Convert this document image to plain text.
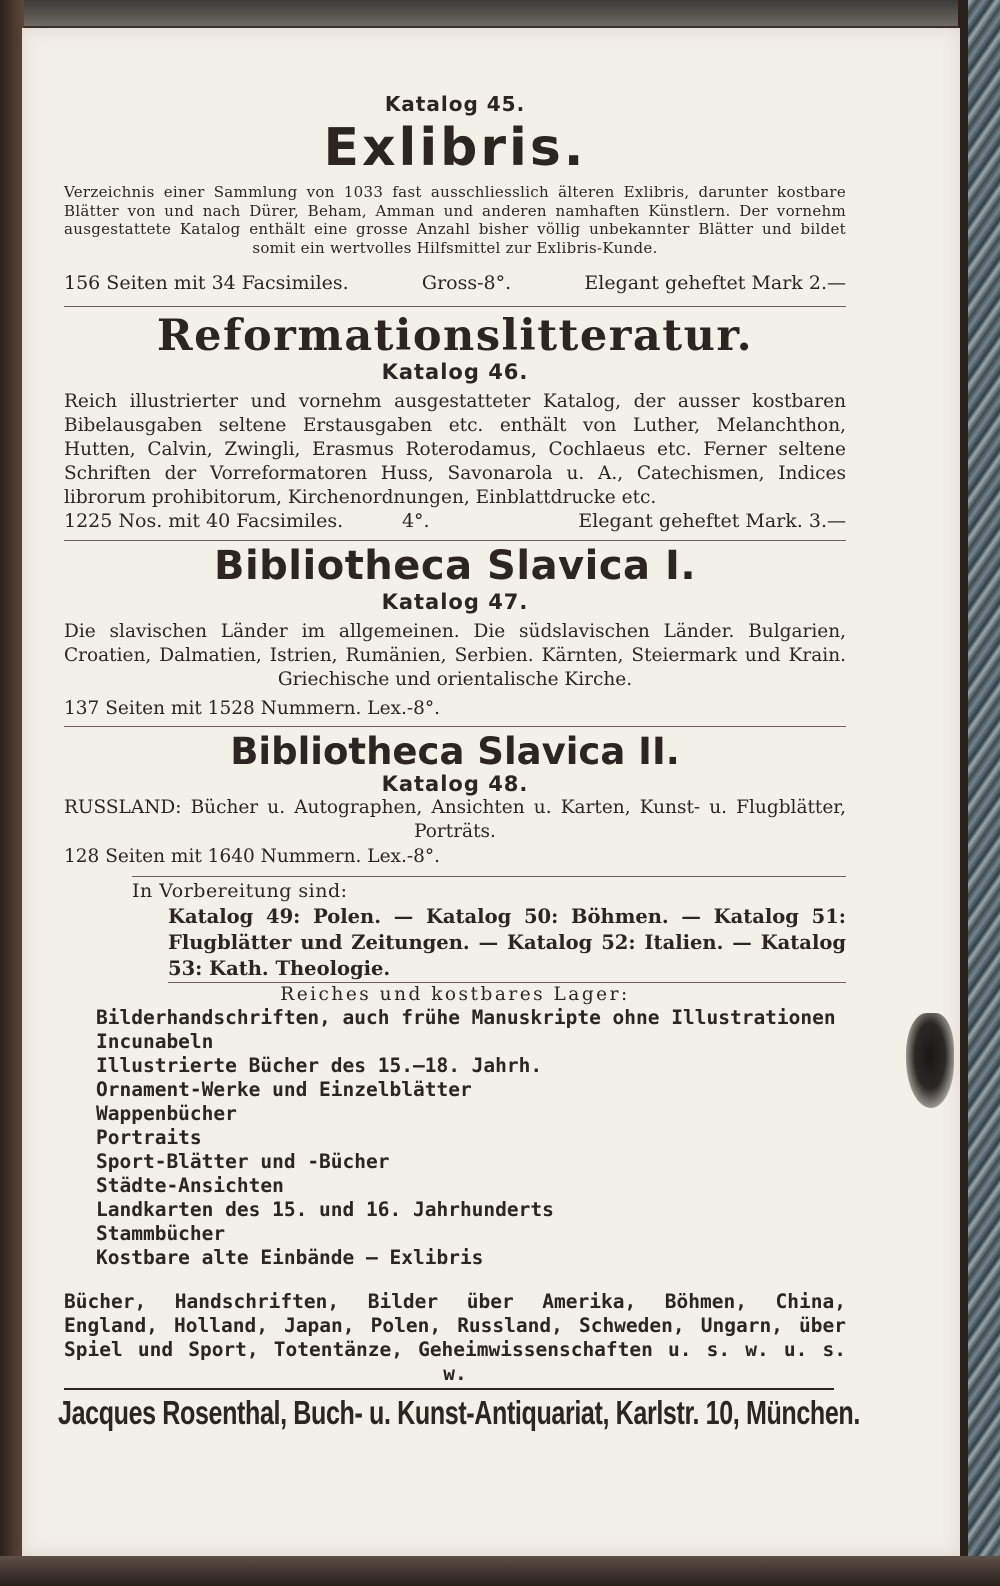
Katalog 45.
Exlibris.
Verzeichnis einer Sammlung von 1033 fast ausschliesslich älteren Exlibris, darunter kostbare Blätter von und nach Dürer, Beham, Amman und anderen namhaften Künstlern. Der vornehm ausgestattete Katalog enthält eine grosse Anzahl bisher völlig unbekannter Blätter und bildet somit ein wertvolles Hilfsmittel zur Exlibris-Kunde.
156 Seiten mit 34 Facsimiles.	Gross-8°.	Elegant geheftet Mark 2.—
Reformationslitteratur.
Katalog 46.
Reich illustrierter und vornehm ausgestatteter Katalog, der ausser kostbaren Bibelausgaben seltene Erstausgaben etc. enthält von Luther, Melanchthon, Hutten, Calvin, Zwingli, Erasmus Roterodamus, Cochlaeus etc. Ferner seltene Schriften der Vorreformatoren Huss, Savonarola u. A., Catechismen, Indices librorum prohibitorum, Kirchenordnungen, Einblattdrucke etc.
1225 Nos. mit 40 Facsimiles.	4°.	Elegant geheftet Mark. 3.—
Bibliotheca Slavica I.
Katalog 47.
Die slavischen Länder im allgemeinen. Die südslavischen Länder. Bulgarien, Croatien, Dalmatien, Istrien, Rumänien, Serbien. Kärnten, Steiermark und Krain. Griechische und orientalische Kirche.
137 Seiten mit 1528 Nummern. Lex.-8°.
Bibliotheca Slavica II.
Katalog 48.
RUSSLAND: Bücher u. Autographen, Ansichten u. Karten, Kunst- u. Flugblätter, Porträts.
128 Seiten mit 1640 Nummern. Lex.-8°.
In Vorbereitung sind:
Katalog 49: Polen. — Katalog 50: Böhmen. — Katalog 51: Flugblätter und Zeitungen. — Katalog 52: Italien. — Katalog 53: Kath. Theologie.
Reiches und kostbares Lager:
Bilderhandschriften, auch frühe Manuskripte ohne Illustrationen
Incunabeln
Illustrierte Bücher des 15.—18. Jahrh.
Ornament-Werke und Einzelblätter
Wappenbücher
Portraits
Sport-Blätter und -Bücher
Städte-Ansichten
Landkarten des 15. und 16. Jahrhunderts
Stammbücher
Kostbare alte Einbände — Exlibris
Bücher, Handschriften, Bilder über Amerika, Böhmen, China, England, Holland, Japan, Polen, Russland, Schweden, Ungarn, über Spiel und Sport, Totentänze, Geheimwissenschaften u. s. w. u. s. w.
Jacques Rosenthal, Buch- u. Kunst-Antiquariat, Karlstr. 10, München.
